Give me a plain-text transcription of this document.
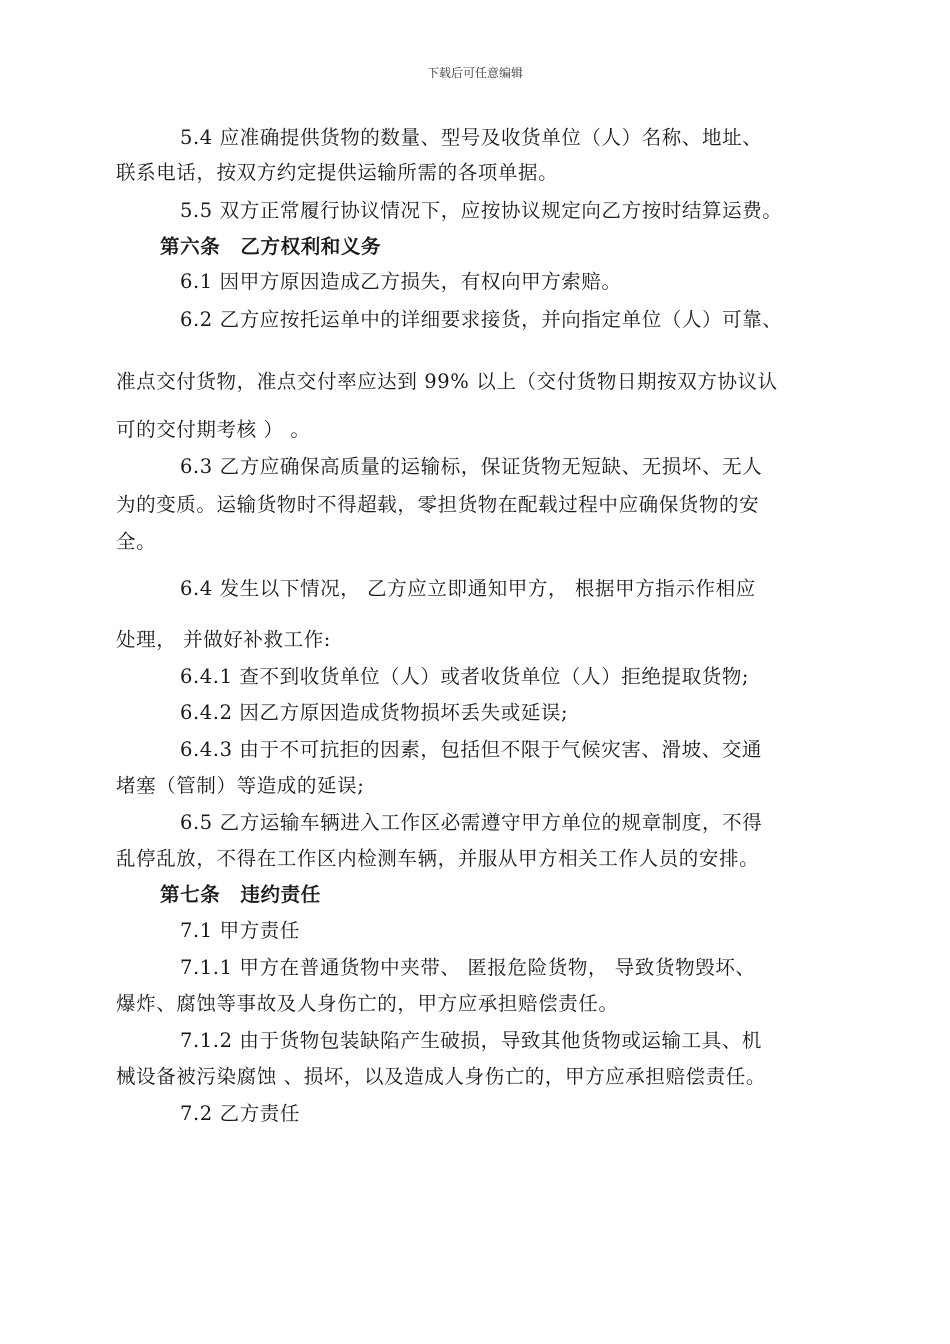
下载后可任意编辑
5.4 应准确提供货物的数量、型号及收货单位（人）名称、地址、
联系电话，按双方约定提供运输所需的各项单据。
5.5 双方正常履行协议情况下，应按协议规定向乙方按时结算运费。
第六条　乙方权利和义务
6.1 因甲方原因造成乙方损失，有权向甲方索赔。
6.2 乙方应按托运单中的详细要求接货，并向指定单位（人）可靠、
准点交付货物，准点交付率应达到 99% 以上（交付货物日期按双方协议认
可的交付期考核 ） 。
6.3 乙方应确保高质量的运输标，保证货物无短缺、无损坏、无人
为的变质。运输货物时不得超载，零担货物在配载过程中应确保货物的安
全。
6.4 发生以下情况， 乙方应立即通知甲方， 根据甲方指示作相应
处理， 并做好补救工作:
6.4.1 查不到收货单位（人）或者收货单位（人）拒绝提取货物;
6.4.2 因乙方原因造成货物损坏丢失或延误;
6.4.3 由于不可抗拒的因素，包括但不限于气候灾害、滑坡、交通
堵塞（管制）等造成的延误;
6.5 乙方运输车辆进入工作区必需遵守甲方单位的规章制度，不得
乱停乱放，不得在工作区内检测车辆，并服从甲方相关工作人员的安排。
第七条　违约责任
7.1 甲方责任
7.1.1 甲方在普通货物中夹带、 匿报危险货物， 导致货物毁坏、
爆炸、腐蚀等事故及人身伤亡的，甲方应承担赔偿责任。
7.1.2 由于货物包装缺陷产生破损，导致其他货物或运输工具、机
械设备被污染腐蚀 、损坏，以及造成人身伤亡的，甲方应承担赔偿责任。
7.2 乙方责任
